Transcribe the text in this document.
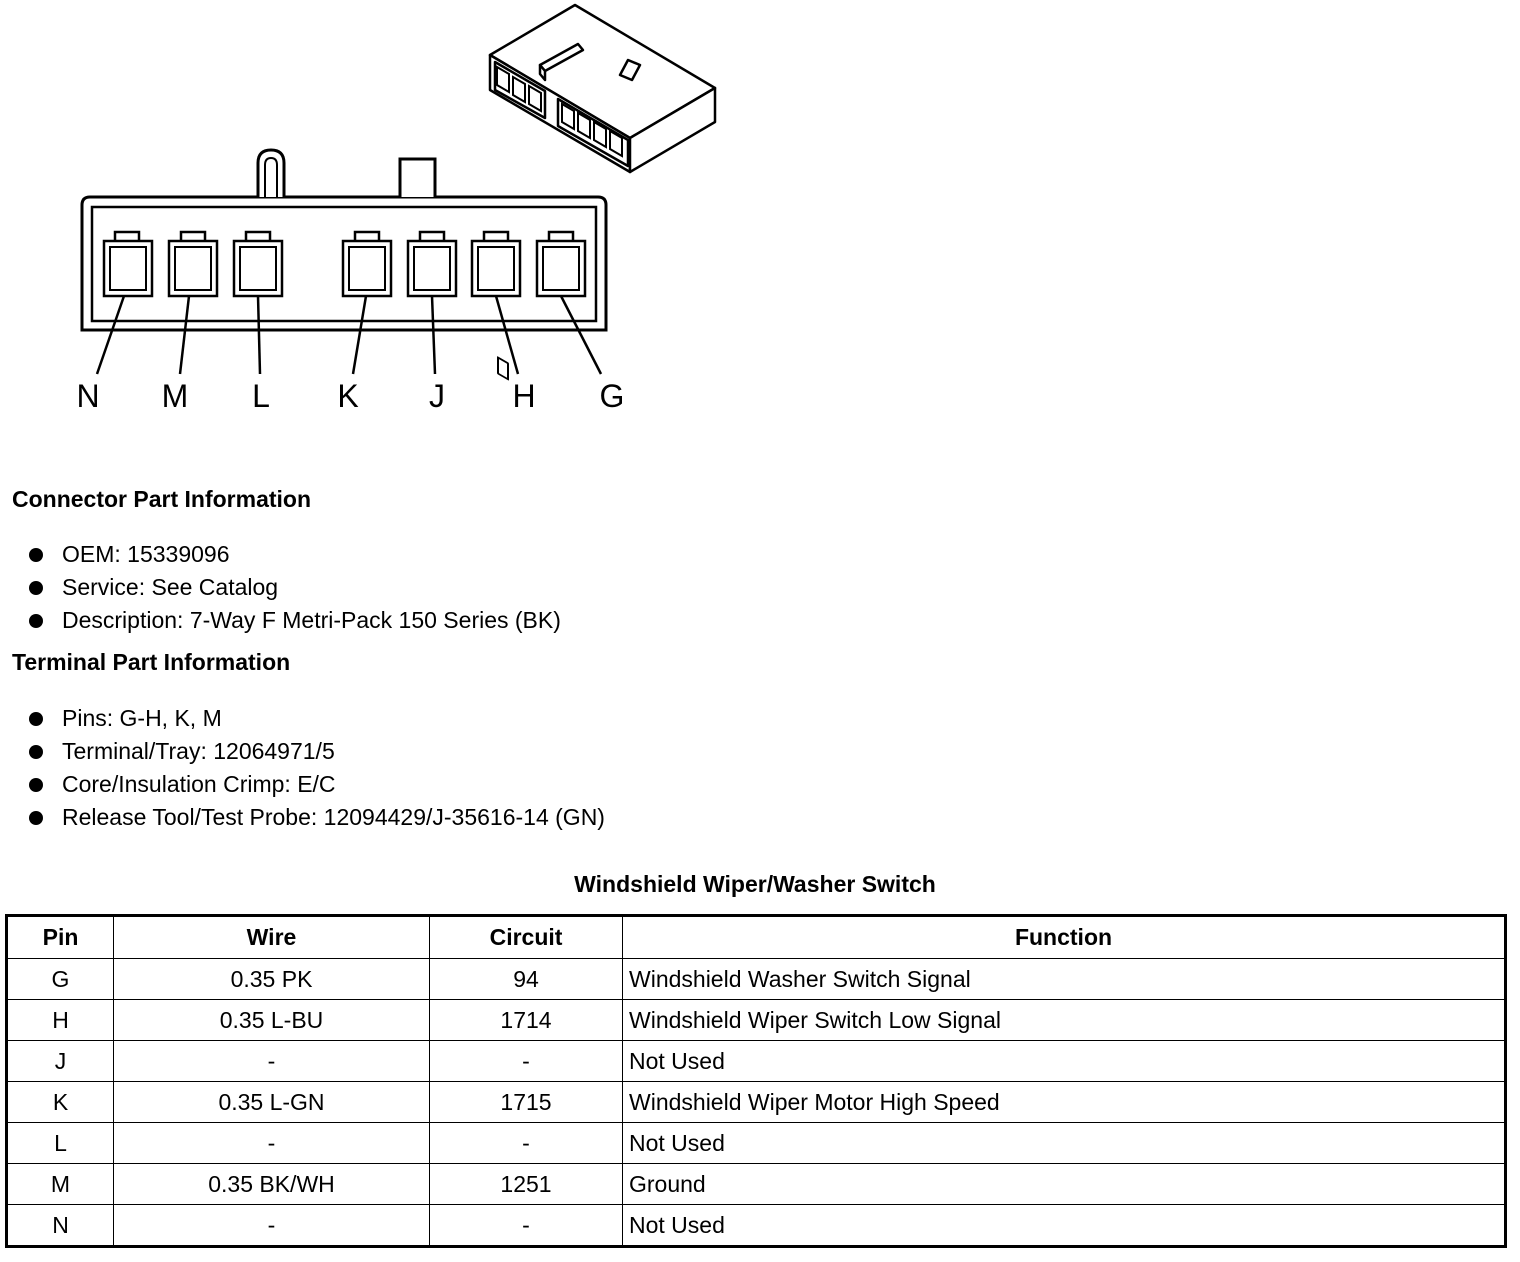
N M L K J H G
Connector Part Information
OEM: 15339096
Service: See Catalog
Description: 7-Way F Metri-Pack 150 Series (BK)
Terminal Part Information
Pins: G-H, K, M
Terminal/Tray: 12064971/5
Core/Insulation Crimp: E/C
Release Tool/Test Probe: 12094429/J-35616-14 (GN)
Windshield Wiper/Washer Switch
Pin	Wire	Circuit	Function
G	0.35 PK	94	Windshield Washer Switch Signal
H	0.35 L-BU	1714	Windshield Wiper Switch Low Signal
J	-	-	Not Used
K	0.35 L-GN	1715	Windshield Wiper Motor High Speed
L	-	-	Not Used
M	0.35 BK/WH	1251	Ground
N	-	-	Not Used
